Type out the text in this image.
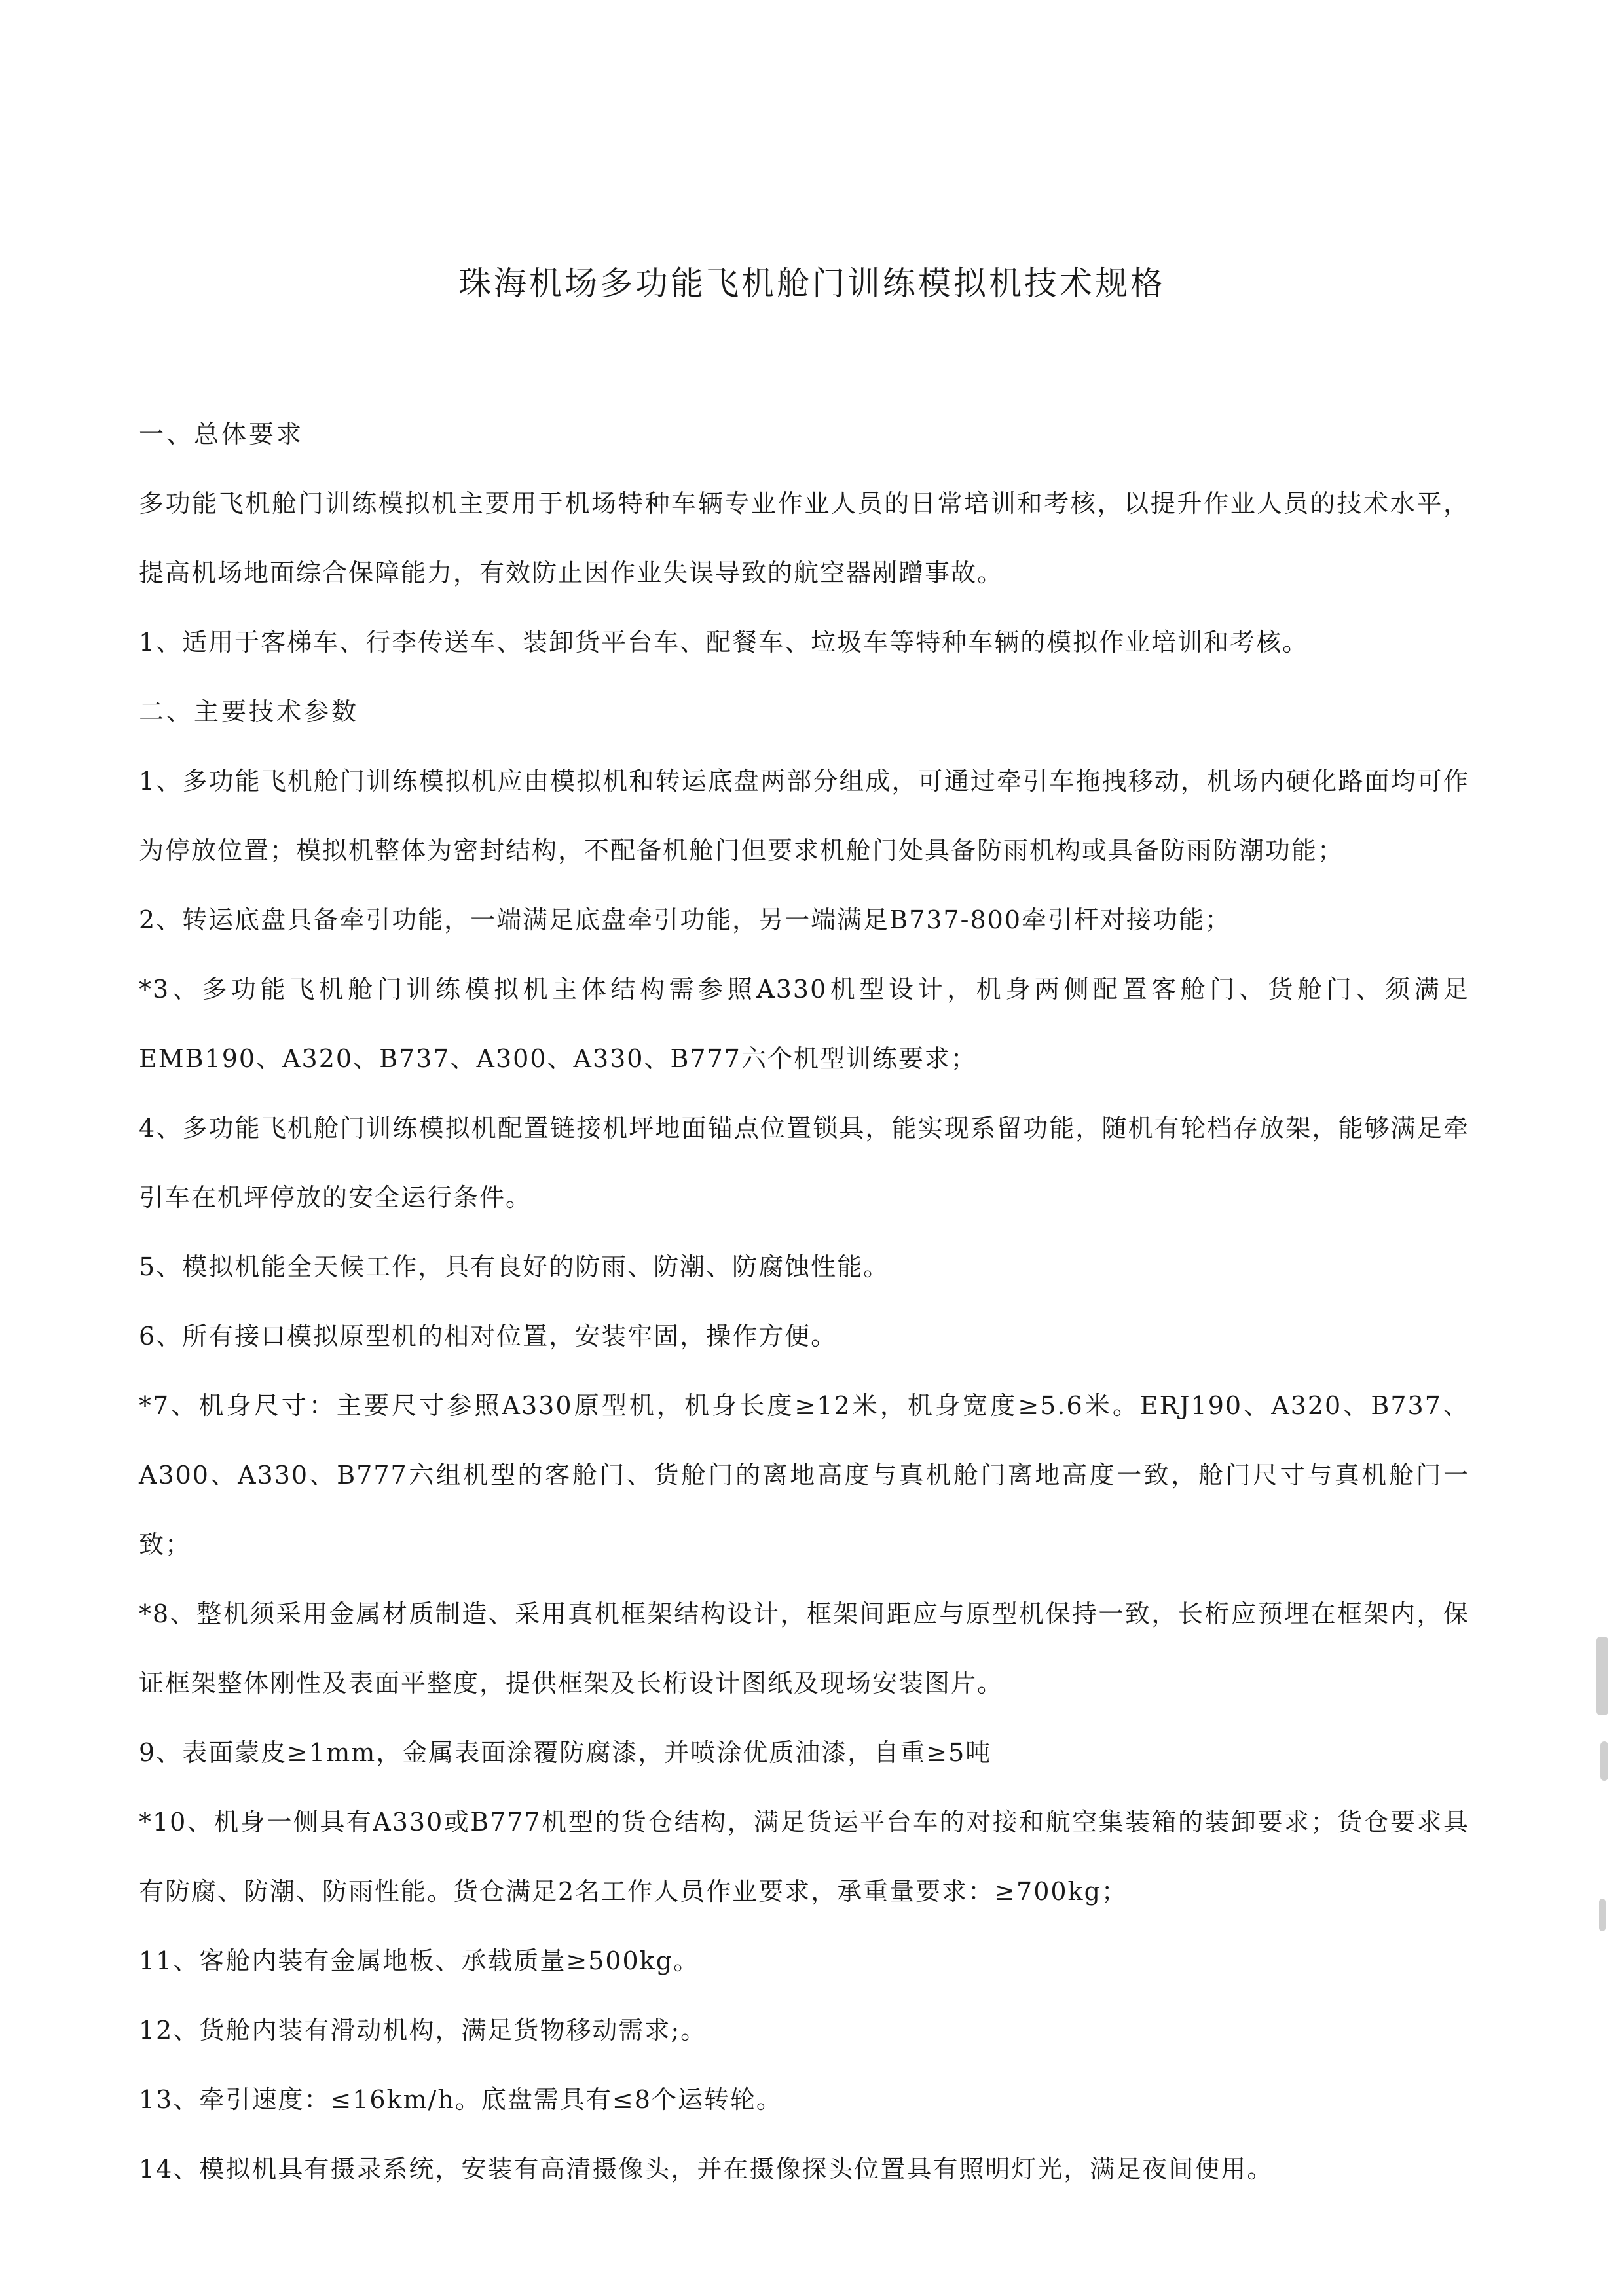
珠海机场多功能飞机舱门训练模拟机技术规格

一、总体要求

多功能飞机舱门训练模拟机主要用于机场特种车辆专业作业人员的日常培训和考核，以提升作业人员的技术水平，提高机场地面综合保障能力，有效防止因作业失误导致的航空器剐蹭事故。

1、适用于客梯车、行李传送车、装卸货平台车、配餐车、垃圾车等特种车辆的模拟作业培训和考核。

二、主要技术参数

1、多功能飞机舱门训练模拟机应由模拟机和转运底盘两部分组成，可通过牵引车拖拽移动，机场内硬化路面均可作为停放位置；模拟机整体为密封结构，不配备机舱门但要求机舱门处具备防雨机构或具备防雨防潮功能；

2、转运底盘具备牵引功能，一端满足底盘牵引功能，另一端满足B737-800牵引杆对接功能；

*3、多功能飞机舱门训练模拟机主体结构需参照A330机型设计，机身两侧配置客舱门、货舱门、须满足EMB190、A320、B737、A300、A330、B777六个机型训练要求；

4、多功能飞机舱门训练模拟机配置链接机坪地面锚点位置锁具，能实现系留功能，随机有轮档存放架，能够满足牵引车在机坪停放的安全运行条件。

5、模拟机能全天候工作，具有良好的防雨、防潮、防腐蚀性能。

6、所有接口模拟原型机的相对位置，安装牢固，操作方便。

*7、机身尺寸：主要尺寸参照A330原型机，机身长度≥12米，机身宽度≥5.6米。ERJ190、A320、B737、A300、A330、B777六组机型的客舱门、货舱门的离地高度与真机舱门离地高度一致，舱门尺寸与真机舱门一致；

*8、整机须采用金属材质制造、采用真机框架结构设计，框架间距应与原型机保持一致，长桁应预埋在框架内，保证框架整体刚性及表面平整度，提供框架及长桁设计图纸及现场安装图片。

9、表面蒙皮≥1mm，金属表面涂覆防腐漆，并喷涂优质油漆，自重≥5吨

*10、机身一侧具有A330或B777机型的货仓结构，满足货运平台车的对接和航空集装箱的装卸要求；货仓要求具有防腐、防潮、防雨性能。货仓满足2名工作人员作业要求，承重量要求：≥700kg；

11、客舱内装有金属地板、承载质量≥500kg。

12、货舱内装有滑动机构，满足货物移动需求;。

13、牵引速度：≤16km/h。底盘需具有≤8个运转轮。

14、模拟机具有摄录系统，安装有高清摄像头，并在摄像探头位置具有照明灯光，满足夜间使用。
